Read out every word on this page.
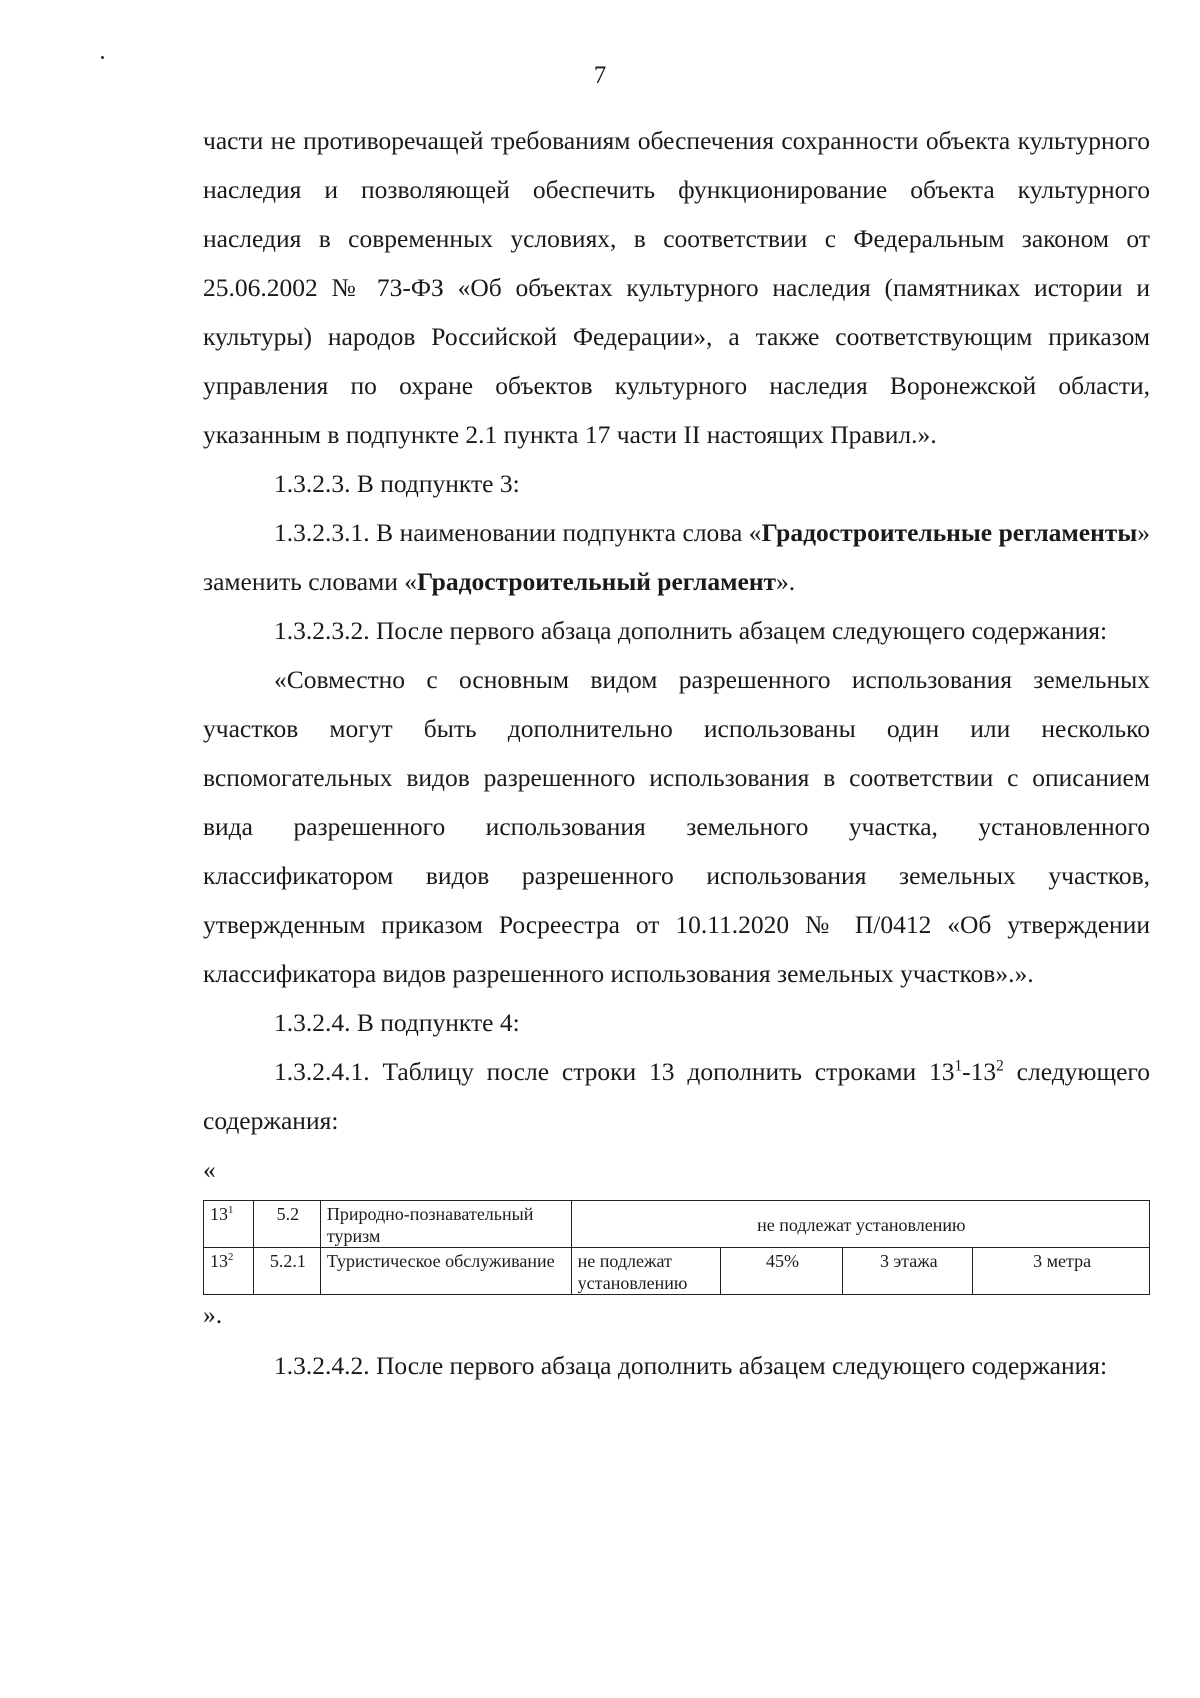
7

части не противоречащей требованиям обеспечения сохранности объекта культурного наследия и позволяющей обеспечить функционирование объекта культурного наследия в современных условиях, в соответствии с Федеральным законом от 25.06.2002 № 73-ФЗ «Об объектах культурного наследия (памятниках истории и культуры) народов Российской Федерации», а также соответствующим приказом управления по охране объектов культурного наследия Воронежской области, указанным в подпункте 2.1 пункта 17 части II настоящих Правил.».

1.3.2.3. В подпункте 3:

1.3.2.3.1. В наименовании подпункта слова «Градостроительные регламенты» заменить словами «Градостроительный регламент».

1.3.2.3.2. После первого абзаца дополнить абзацем следующего содержания:

«Совместно с основным видом разрешенного использования земельных участков могут быть дополнительно использованы один или несколько вспомогательных видов разрешенного использования в соответствии с описанием вида разрешенного использования земельного участка, установленного классификатором видов разрешенного использования земельных участков, утвержденным приказом Росреестра от 10.11.2020 № П/0412 «Об утверждении классификатора видов разрешенного использования земельных участков».».

1.3.2.4. В подпункте 4:

1.3.2.4.1. Таблицу после строки 13 дополнить строками $13^1-13^2$ следующего содержания:

«

$13^1$	5.2	Природно-познавательный туризм	не подлежат установлению			
$13^2$	5.2.1	Туристическое обслуживание	не подлежат установлению	45%	3 этажа	3 метра

».

1.3.2.4.2. После первого абзаца дополнить абзацем следующего содержания:
